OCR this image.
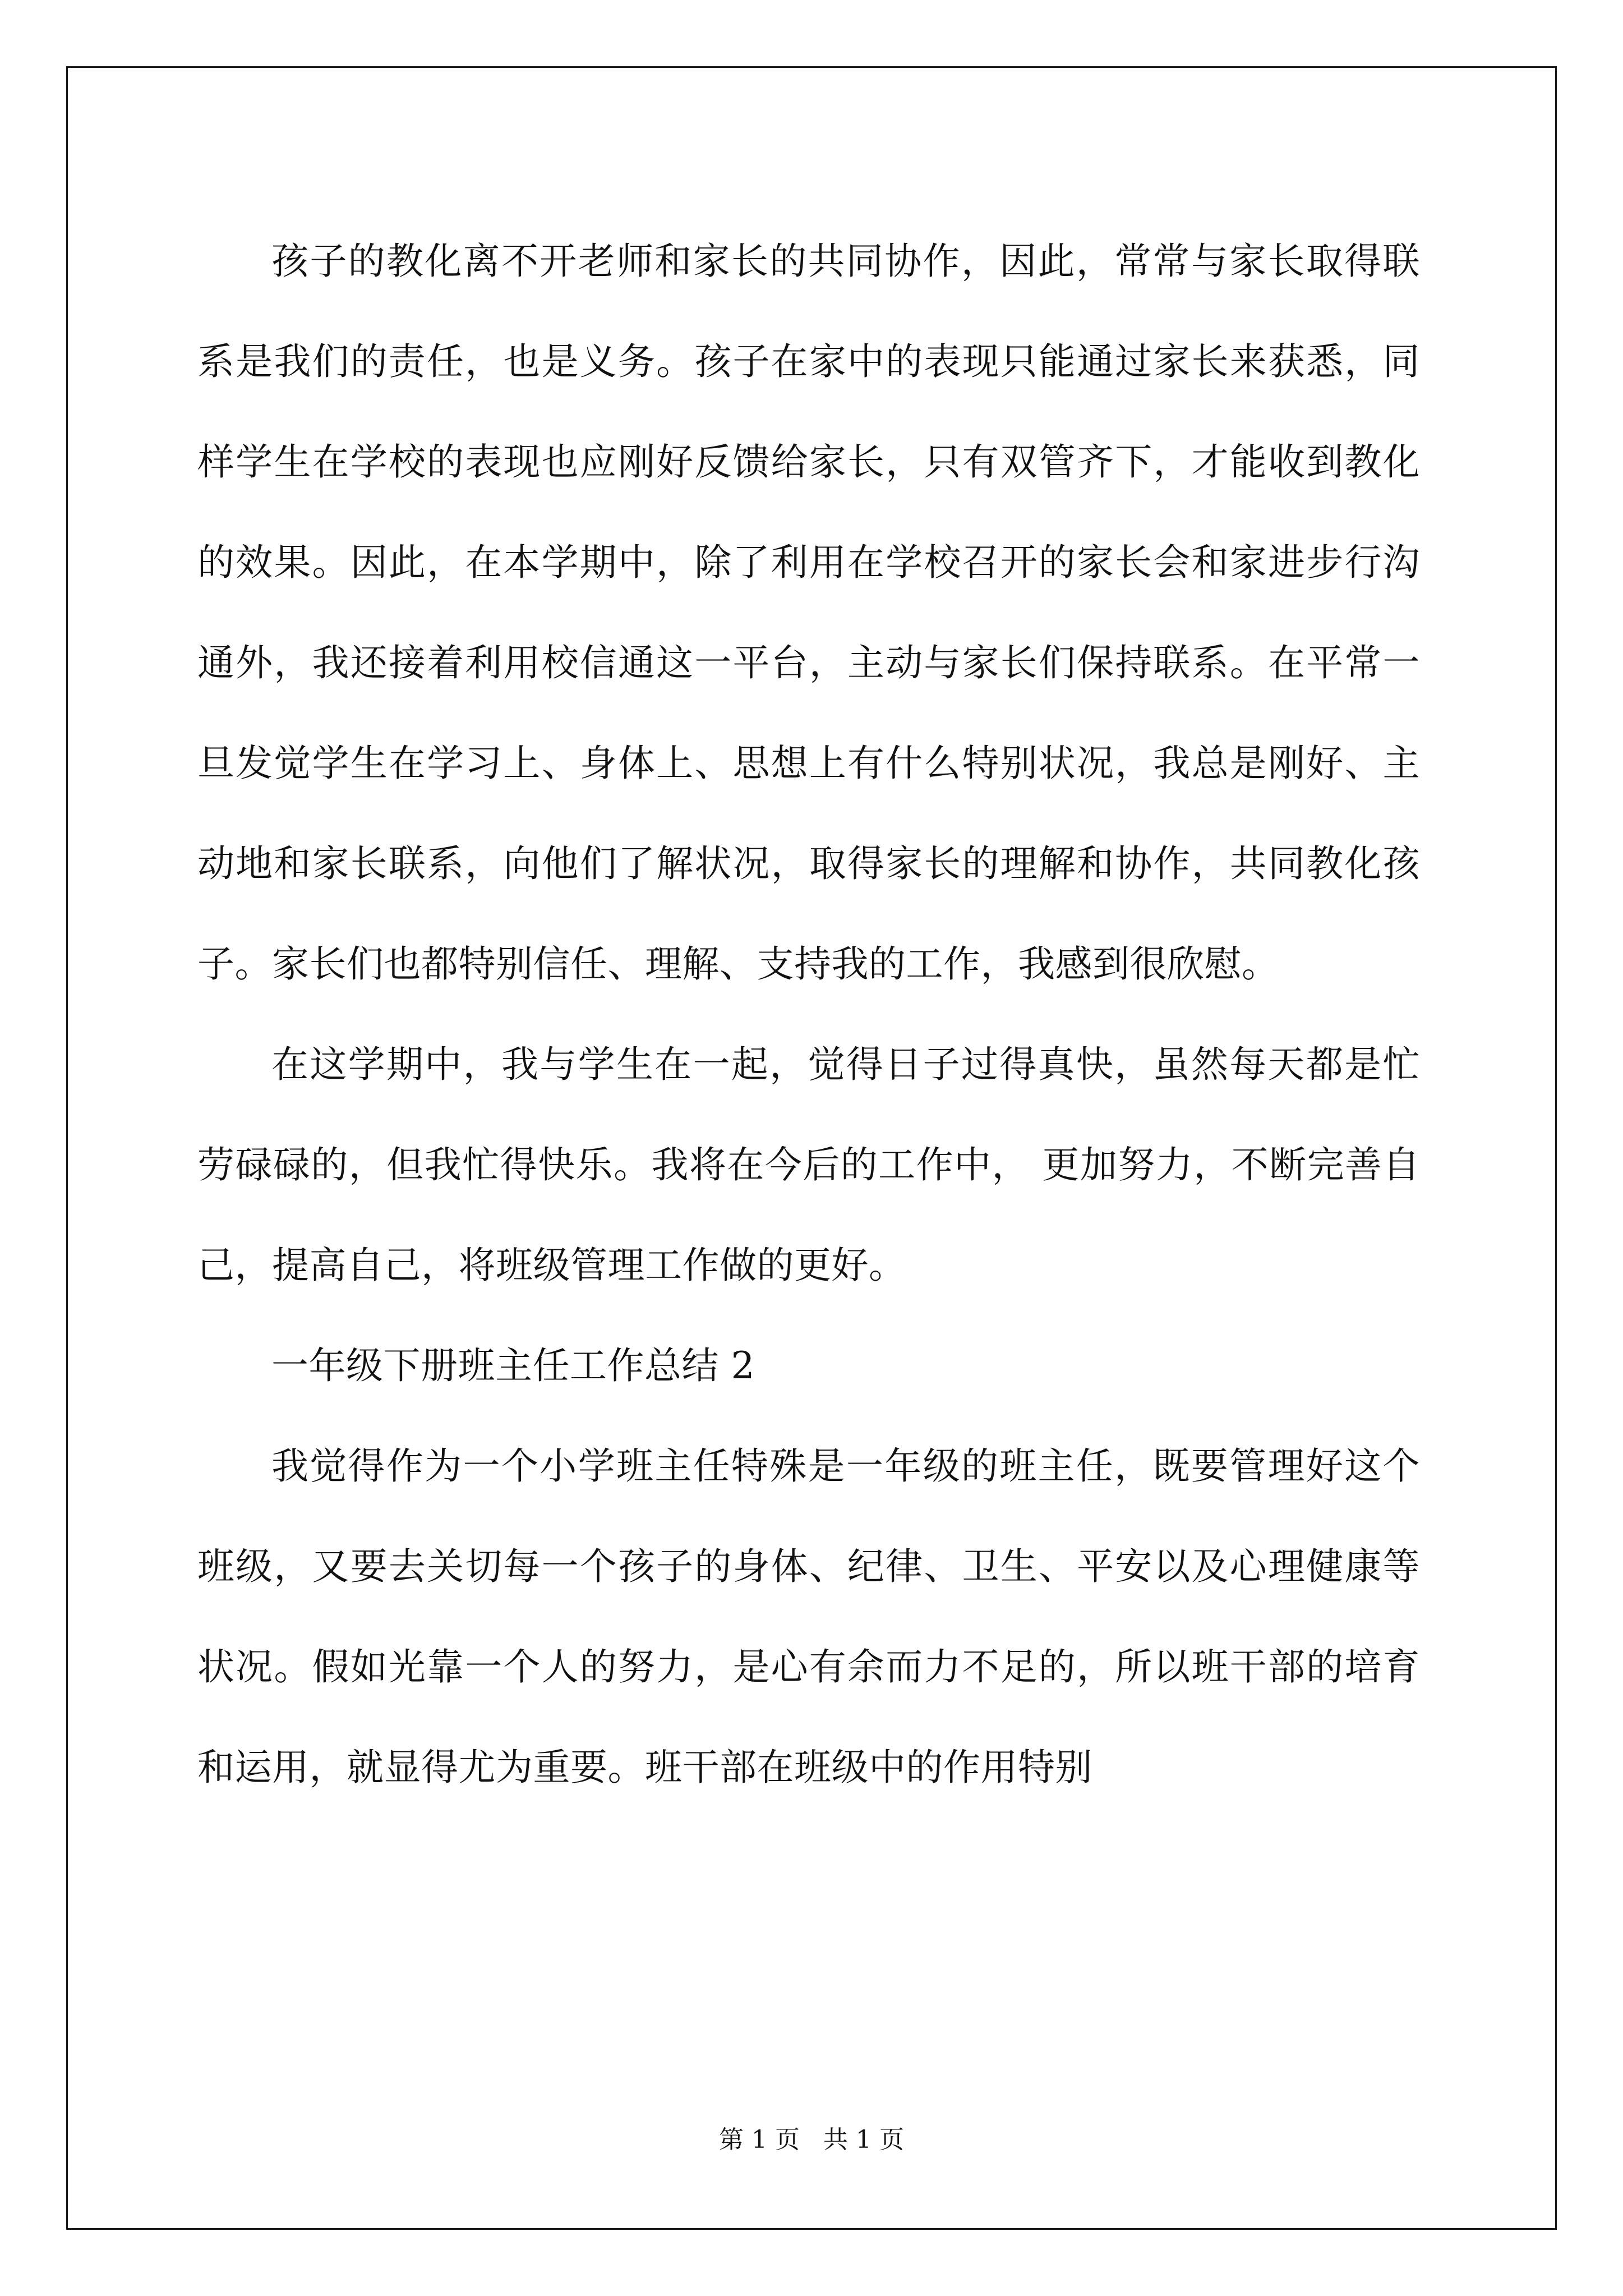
孩子的教化离不开老师和家长的共同协作，因此，常常与家长取得联系是我们的责任，也是义务。孩子在家中的表现只能通过家长来获悉，同样学生在学校的表现也应刚好反馈给家长，只有双管齐下，才能收到教化的效果。因此，在本学期中，除了利用在学校召开的家长会和家进步行沟通外，我还接着利用校信通这一平台，主动与家长们保持联系。在平常一旦发觉学生在学习上、身体上、思想上有什么特别状况，我总是刚好、主动地和家长联系，向他们了解状况，取得家长的理解和协作，共同教化孩子。家长们也都特别信任、理解、支持我的工作，我感到很欣慰。

在这学期中，我与学生在一起，觉得日子过得真快，虽然每天都是忙劳碌碌的，但我忙得快乐。我将在今后的工作中， 更加努力，不断完善自己，提高自己，将班级管理工作做的更好。

一年级下册班主任工作总结 2

我觉得作为一个小学班主任特殊是一年级的班主任，既要管理好这个班级，又要去关切每一个孩子的身体、纪律、卫生、平安以及心理健康等状况。假如光靠一个人的努力，是心有余而力不足的，所以班干部的培育和运用，就显得尤为重要。班干部在班级中的作用特别

第 1 页   共 1 页
